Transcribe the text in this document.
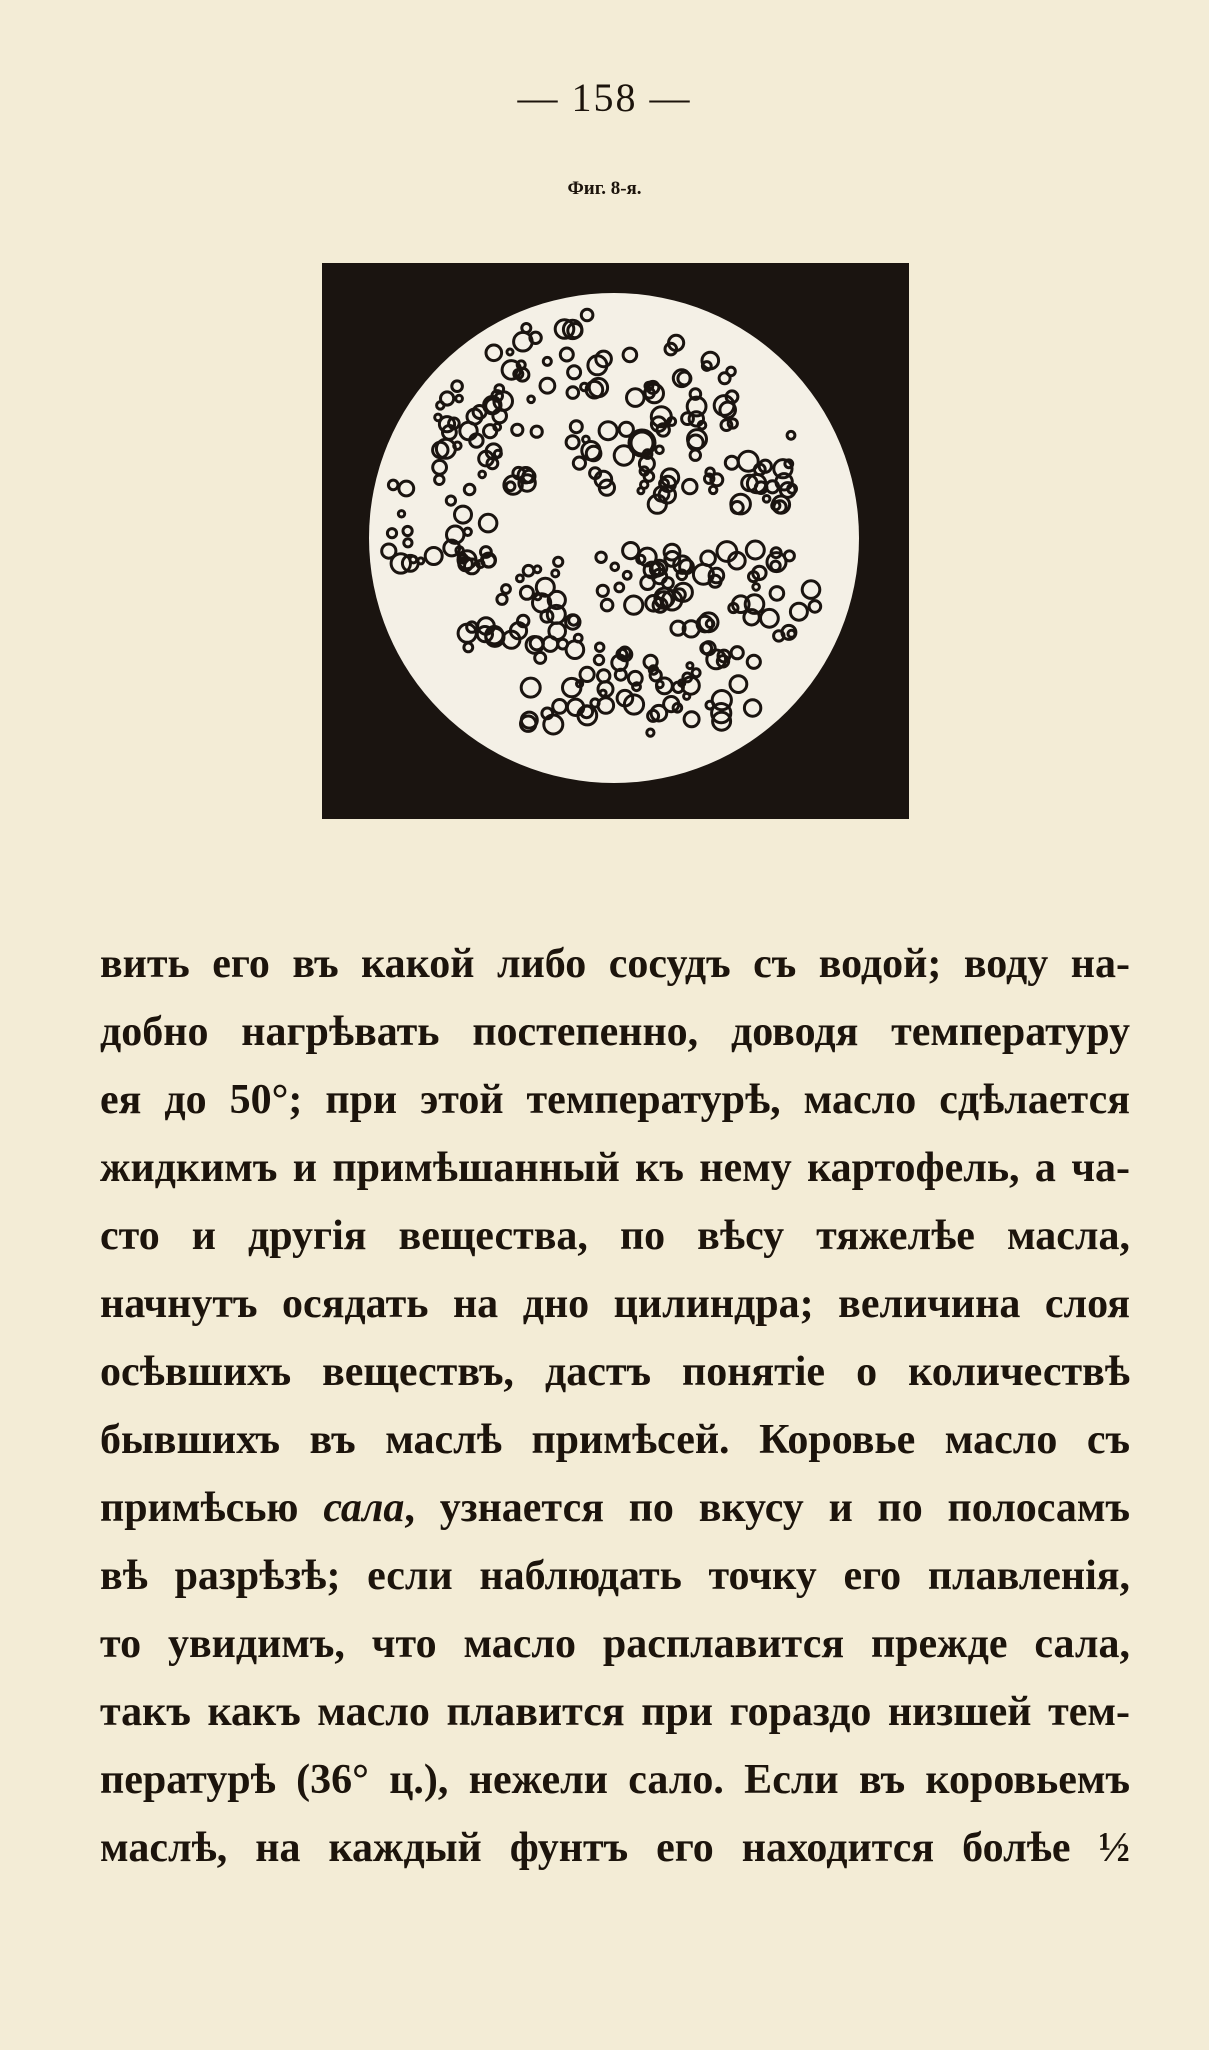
— 158 —
Фиг. 8-я.
вить его въ какой либо сосудъ съ водой; воду на-
добно нагрѣвать постепенно, доводя температуру
ея до 50°; при этой температурѣ, масло сдѣлается
жидкимъ и примѣшанный къ нему картофель, а ча-
сто и другія вещества, по вѣсу тяжелѣе масла,
начнутъ осядать на дно цилиндра; величина слоя
осѣвшихъ веществъ, дастъ понятіе о количествѣ
бывшихъ въ маслѣ примѣсей. Коровье масло съ
примѣсью сала, узнается по вкусу и по полосамъ
вѣ разрѣзѣ; если наблюдать точку его плавленія,
то увидимъ, что масло расплавится прежде сала,
такъ какъ масло плавится при гораздо низшей тем-
пературѣ (36° ц.), нежели сало. Если въ коровьемъ
маслѣ, на каждый фунтъ его находится болѣе ½
